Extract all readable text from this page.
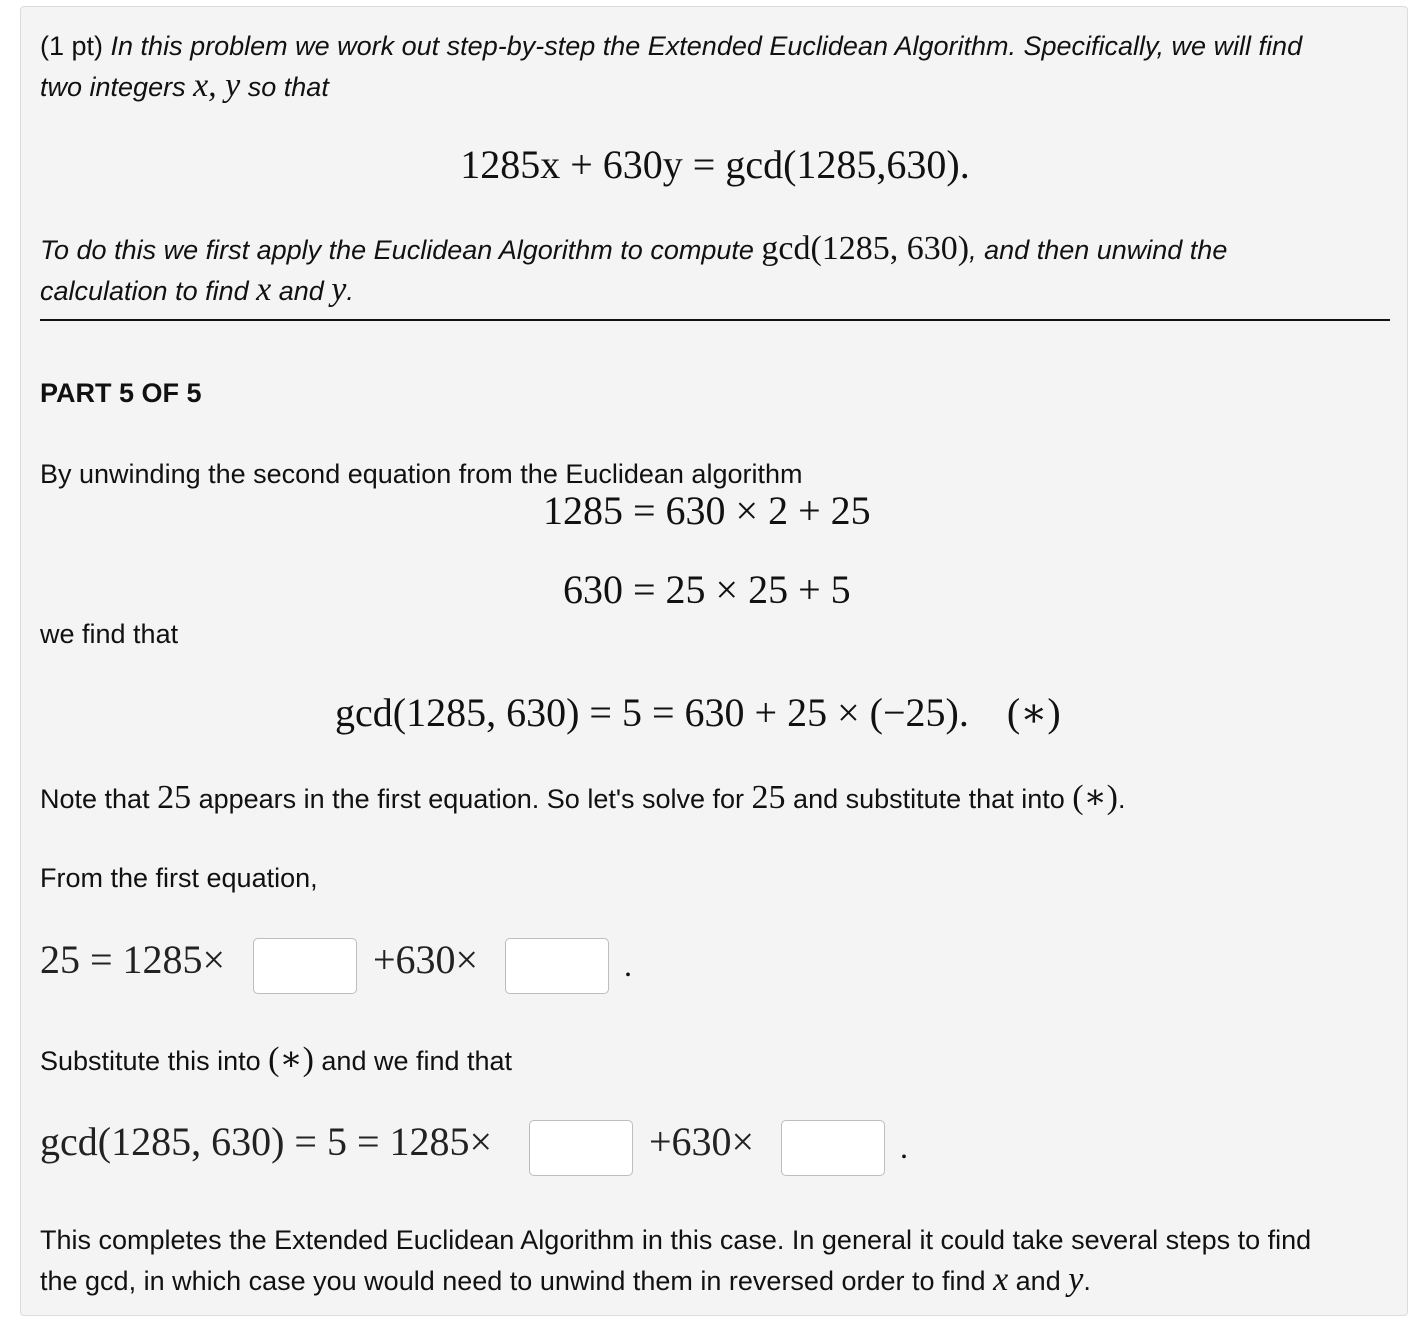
(1 pt) In this problem we work out step-by-step the Extended Euclidean Algorithm. Specifically, we will find
two integers x, y so that
1285x + 630y = gcd(1285,630).
To do this we first apply the Euclidean Algorithm to compute gcd(1285, 630), and then unwind the
calculation to find x and y.
PART 5 OF 5
By unwinding the second equation from the Euclidean algorithm
1285 = 630 × 2 + 25
630 = 25 × 25 + 5
we find that
gcd(1285, 630) = 5 = 630 + 25 × (−25). (∗)
Note that 25 appears in the first equation. So let's solve for 25 and substitute that into (∗).
From the first equation,
25 = 1285×	+630×	.
Substitute this into (∗) and we find that
gcd(1285, 630) = 5 = 1285×	+630×	.
This completes the Extended Euclidean Algorithm in this case. In general it could take several steps to find
the gcd, in which case you would need to unwind them in reversed order to find x and y.
